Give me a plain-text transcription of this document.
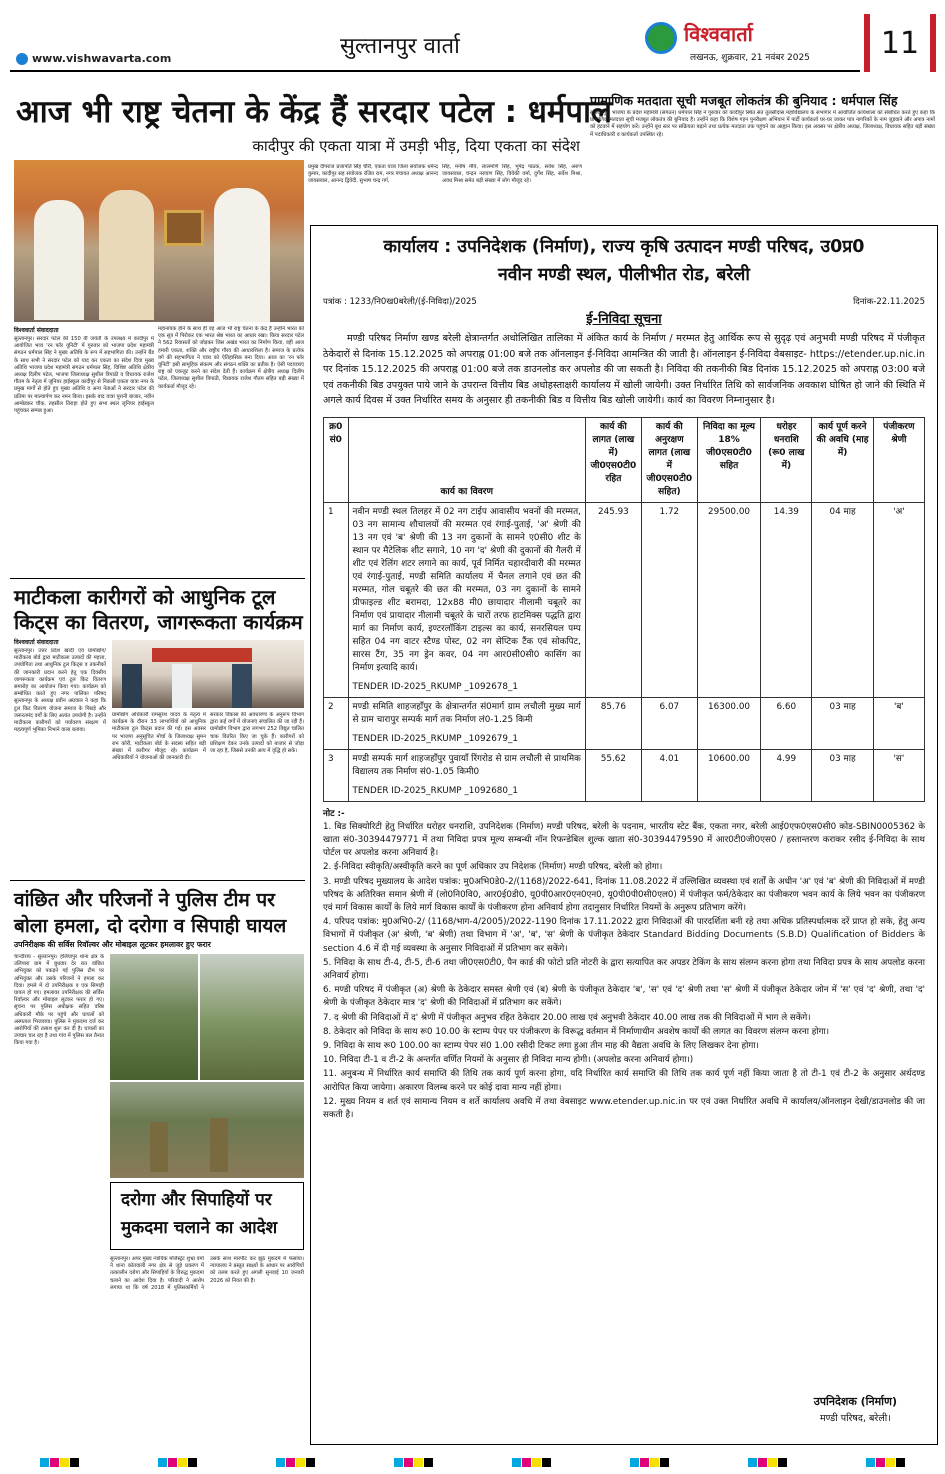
सुल्तानपुर वार्ता
www.vishwavarta.com
विश्ववार्ता
लखनऊ, शुक्रवार, 21 नवंबर 2025 11
आज भी राष्ट्र चेतना के केंद्र हैं सरदार पटेल : धर्मपाल
कादीपुर की एकता यात्रा में उमड़ी भीड़, दिया एकता का संदेश
विश्ववार्ता संवाददाता
सुल्तानपुर। सरदार पटेल की 150 वीं जयंती के उपलक्ष्य में कादीपुर में आयोजित भव्य 'रन फॉर यूनिटी' में गुरुवार को भाजपा प्रदेश महामंत्री संगठन धर्मपाल सिंह ने मुख्य अतिथि के रूप में सहभागिता की। उन्होंने बैंड के साथ सभी ने सरदार पटेल को याद कर एकता का संदेश दिया मुख्य अतिथि भाजपा प्रदेश महामंत्री संगठन धर्मपाल सिंह, विशिष्ट अतिथि क्षेत्रीय अध्यक्ष दिलीप पटेल, भाजपा जिलाध्यक्ष सुशील त्रिपाठी व विधायक राजेश गौतम के नेतृत्व में जूनियर हाईस्कूल कादीपुर से निकली एकता यात्रा नगर के प्रमुख मार्गों से होते हुए मुख्य अतिथि व अन्य नेताओं ने सरदार पटेल की प्रतिमा पर माल्यार्पण कर नमन किया। इसके बाद यात्रा पुरानी बाजार, नवीन आम्बेडकर चौक, तहसील तिराहा होते हुए सभा स्थल जूनियर हाईस्कूल पहुंचकर सम्पन्न हुआ।
महानायक होने के साथ ही वह आज भी राष्ट्र चेतना के केंद्र हैं उन्होंने भारत को एक सूत्र में पिरोकर एक भारत श्रेष्ठ भारत का आधार रखा। किया सरदार पटेल ने 562 रियासतों को जोड़कर जिस अखंड भारत का निर्माण किया, वही आज हमारी एकता, शक्ति और राष्ट्रीय गौरव की आधारशिला है। समाज के प्रत्येक वर्ग की सहभागिता ने यात्रा को ऐतिहासिक बना दिया। आज का 'रन फॉर यूनिटी' इसी सामूहिक संकल्प और संगठन शक्ति का प्रतीक है। ऐसी पदयात्राएं राष्ट्र को एकजुट करने का संदेश देती हैं। कार्यक्रम में क्षेत्रीय अध्यक्ष दिलीप पटेल, जिलाध्यक्ष सुशील त्रिपाठी, विधायक राजेश गौतम सहित बड़ी संख्या में कार्यकर्ता मौजूद रहे।
प्रमुख दीपराज प्रजापति सिंह चौरी, एकता यात्रा जिला संयोजक धर्मेन्द्र कुमार, कादीपुर सह संयोजक रंजित राम, नगर पंचायत अध्यक्ष आनन्द जायसवाल, आनन्द द्विवेदी, सुभाष चन्द्र गर्ग,
सिंह, मनीष मौर्य, लालमणि सिंह, भूपेंद्र पाठक, सर्वेश सिंह, अरुण जायसवाल, चन्द्रन नरायण सिंह, विवेकी वर्मा, दुर्गेश सिंह, सर्वेश मिश्रा, अवध मिश्रा समेत बड़ी संख्या में लोग मौजूद रहे।
प्रामाणिक मतदाता सूची मजबूत लोकतंत्र की बुनियाद : धर्मपाल सिंह
सुल्तानपुर। भाजपा के प्रदेश महामंत्री (संगठन) धर्मपाल सिंह ने गुरुवार को कादीपुर स्थित संत तुलसीदास महाविद्यालय के सभागार में आयोजित कार्यशाला को संबोधित करते हुए कहा कि प्रामाणिक मतदाता सूची मजबूत लोकतंत्र की बुनियाद है। उन्होंने कहा कि विशेष गहन पुनरीक्षण अभियान में पार्टी कार्यकर्ता घर-घर जाकर पात्र नागरिकों के नाम जुड़वाने और अपात्र नामों को हटवाने में सहयोग करें। उन्होंने बूथ स्तर पर सक्रियता बढ़ाने तथा प्रत्येक मतदाता तक पहुंचने का आह्वान किया। इस अवसर पर क्षेत्रीय अध्यक्ष, जिलाध्यक्ष, विधायक सहित बड़ी संख्या में पदाधिकारी व कार्यकर्ता उपस्थित रहे।
माटीकला कारीगरों को आधुनिक टूल
किट्स का वितरण, जागरूकता कार्यक्रम
विश्ववार्ता संवाददाता
सुल्तानपुर। उत्तर प्रदेश खादी एवं ग्रामोद्योग/माटीकला बोर्ड द्वारा माटीकला उत्पादों की महत्ता, उपयोगिता तथा आधुनिक टूल किट्स व तकनीकों की जानकारी प्रदान करने हेतु एक दिवसीय जागरूकता कार्यक्रम एवं टूल किट वितरण समारोह का आयोजन किया गया। कार्यक्रम को सम्बोधित करते हुए नगर पालिका परिषद सुल्तानपुर के अध्यक्ष प्रवीन अग्रवाल ने कहा कि टूल किट वितरण योजना समाज के पिछड़े और जरूरतमंद वर्गों के लिए अत्यंत उपयोगी है। उन्होंने माटीकला कारीगरों को पर्यावरण संरक्षण में महत्वपूर्ण भूमिका निभाने वाला बताया।
ग्रामोद्योग अधिकारी रामसुरेश यादव के नेतृत्व में कार्यक्रम के दौरान 33 लाभार्थियों को आधुनिक माटीकला टूल किट्स प्रदान की गई। इस अवसर पर भाजपा अनुसूचित मोर्चा के जिलाध्यक्ष सुमन राम कोरी, माटीकला बोर्ड के सदस्य सहित बड़ी संख्या में कारीगर मौजूद रहे। कार्यक्रम में अधिकारियों ने योजनाओं की जानकारी दी।
सरकार विकास की अवधारणा के अनुरूप विभाग द्वारा कई वर्गों में योजनाएं संचालित की जा रही हैं। ग्रामोद्योग विभाग द्वारा लगभग 252 विद्युत चालित चाक वितरित किए जा चुके हैं। कारीगरों को प्रशिक्षण देकर उनके उत्पादों को बाजार से जोड़ा जा रहा है, जिससे उनकी आय में वृद्धि हो सके।
वांछित और परिजनों ने पुलिस टीम पर
बोला हमला, दो दरोगा व सिपाही घायल
उपनिरीक्षक की सर्विस रिवॉल्वर और मोबाइल लूटकर हमलावर हुए फरार
चान्दीराय - सुल्तानपुर। हलियापुर थाना क्षेत्र के उलिपारा ग्राम में बुधवार देर रात वांछित अभियुक्त को पकड़ने गई पुलिस टीम पर अभियुक्त और उसके परिजनों ने हमला कर दिया। हमले में दो उपनिरीक्षक व एक सिपाही घायल हो गए। हमलावर उपनिरीक्षक की सर्विस रिवॉल्वर और मोबाइल लूटकर फरार हो गए। सूचना पर पुलिस अधीक्षक सहित वरिष्ठ अधिकारी मौके पर पहुंचे और घायलों को अस्पताल भिजवाया। पुलिस ने मुकदमा दर्ज कर आरोपियों की तलाश शुरू कर दी है। घायलों का उपचार चल रहा है तथा गांव में पुलिस बल तैनात किया गया है।
दरोगा और सिपाहियों पर
मुकदमा चलाने का आदेश
सुल्तानपुर। अपर मुख्य न्यायिक मजिस्ट्रेट शुभ्रा वर्मा ने थाना कोतवाली नगर क्षेत्र से जुड़े प्रकरण में तत्कालीन दरोगा और सिपाहियों के विरुद्ध मुकदमा चलाने का आदेश दिया है। परिवादी ने आरोप लगाया था कि वर्ष 2018 में पुलिसकर्मियों ने उसके साथ मारपीट कर झूठे मुकदमे में फंसाया। न्यायालय ने प्रस्तुत साक्ष्यों के आधार पर आरोपियों को तलब करते हुए अगली सुनवाई 10 जनवरी 2026 को नियत की है।
कार्यालय : उपनिदेशक (निर्माण), राज्य कृषि उत्पादन मण्डी परिषद, उ0प्र0
नवीन मण्डी स्थल, पीलीभीत रोड, बरेली
पत्रांक : 1233/नि0ख0बरेली/(ई-निविदा)/2025	दिनांक-22.11.2025
ई-निविदा सूचना
मण्डी परिषद निर्माण खण्ड बरेली क्षेत्रान्तर्गत अधोलिखित तालिका में अंकित कार्य के निर्माण / मरम्मत हेतु आर्थिक रूप से सुदृढ़ एवं अनुभवी मण्डी परिषद में पंजीकृत ठेकेदारों से दिनांक 15.12.2025 को अपराह्न 01:00 बजे तक ऑनलाइन ई-निविदा आमन्त्रित की जाती है। ऑनलाइन ई-निविदा वेबसाइट- https://etender.up.nic.in पर दिनांक 15.12.2025 की अपराह्न 01:00 बजे तक डाउनलोड कर अपलोड की जा सकती है। निविदा की तकनीकी बिड दिनांक 15.12.2025 को अपराह्न 03:00 बजे एवं तकनीकी बिड उपयुक्त पाये जाने के उपरान्त वित्तीय बिड अधोहस्ताक्षरी कार्यालय में खोली जायेगी। उक्त निर्धारित तिथि को सार्वजनिक अवकाश घोषित हो जाने की स्थिति में अगले कार्य दिवस में उक्त निर्धारित समय के अनुसार ही तकनीकी बिड व वित्तीय बिड खोली जायेगी। कार्य का विवरण निम्नानुसार है।
क्र0 सं0	कार्य का विवरण	कार्य की लागत (लाख में) जी0एस0टी0 रहित	कार्य की अनुरक्षण लागत (लाख में जी0एस0टी0 सहित)	निविदा का मूल्य 18% जी0एस0टी0 सहित	धरोहर धनराशि (रू0 लाख में)	कार्य पूर्ण करने की अवधि (माह में)	पंजीकरण श्रेणी
1	नवीन मण्डी स्थल तिलहर में 02 नग टाईप आवासीय भवनों की मरम्मत, 03 नग सामान्य शौचालयों की मरम्मत एवं रंगाई-पुताई, 'अ' श्रेणी की 13 नग एवं 'ब' श्रेणी की 13 नग दुकानों के सामने ए0सी0 शीट के स्थान पर मैटेलिक शीट सगाने, 10 नग 'द' श्रेणी की दुकानों की गैलरी में शीट एवं रेलिंग शटर लगाने का कार्य, पूर्व निर्मित चहारदीवारी की मरम्मत एवं रंगाई-पुताई, मण्डी समिति कार्यालय में चैनल लगाने एवं छत की मरम्मत, गोल चबूतरे की छत की मरम्मत, 03 नग दुकानों के सामने प्रीफाइल्ड शीट बरामदा, 12x88 मी0 छायादार नीलामी चबूतरे का निर्माण एवं प्रायादार नीलामी चबूतरे के चारों तरफ हाटमिक्स पद्धति द्वारा मार्ग का निर्माण कार्य, इण्टरलॉकिंग टाइल्स का कार्य, सनरसियल पम्प सहित 04 नग वाटर स्टैण्ड पोस्ट, 02 नग सेप्टिक टैंक एवं सोकपिट, सारस टैंग, 35 नग ड्रेन कवर, 04 नग आर0सी0सी0 कासिंग का निर्माण इत्यादि कार्य।
TENDER ID-2025_RKUMP _1092678_1	245.93	1.72	29500.00	14.39	04 माह	'अ'
2	मण्डी समिति शाहजहाँपुर के क्षेत्रान्तर्गत सं0मार्ग ग्राम लचौली मुख्य मार्ग से ग्राम चारापुर सम्पर्क मार्ग तक निर्माण लं0-1.25 किमी
TENDER ID-2025_RKUMP _1092679_1	85.76	6.07	16300.00	6.60	03 माह	'ब'
3	मण्डी सम्पर्क मार्ग शाहजहाँपुर पुवायाँ रिंगरोड से ग्राम लचौली से प्राथमिक विद्यालय तक निर्माण सं0-1.05 किमी0
TENDER ID-2025_RKUMP _1092680_1	55.62	4.01	10600.00	4.99	03 माह	'स'
नोट :-
1. बिड सिक्योरिटी हेतु निर्धारित धरोहर धनराशि, उपनिदेशक (निर्माण) मण्डी परिषद, बरेली के पदनाम, भारतीय स्टेट बैंक, एकता नगर, बरेली आई0एफ0एस0सी0 कोड-SBIN0005362 के खाता सं0-30394479771 में तथा निविदा प्रपत्र मूल्य सम्बन्धी नॉन रिफन्डेबिल शुल्क खाता सं0-30394479590 में आर0टी0जी0एस0 / हस्तान्तरण कराकर रसीद ई-निविदा के साथ पोर्टल पर अपलोड करना अनिवार्य है।
2. ई-निविदा स्वीकृति/अस्वीकृति करने का पूर्ण अधिकार उप निदेशक (निर्माण) मण्डी परिषद, बरेली को होगा।
3. मण्डी परिषद मुख्यालय के आदेश पत्रांक: मु0अभि0डे0-2/(1168)/2022-641, दिनांक 11.08.2022 में उल्लिखित व्यवस्था एवं शर्तों के अधीन 'अ' एवं 'ब' श्रेणी की निविदाओं में मण्डी परिषद के अतिरिक्त समान श्रेणी में (लो0नि0वि0, आर0ई0डी0, यू0पी0आर0एन0एन0, यू0पी0पी0सी0एल0) में पंजीकृत फर्म/ठेकेदार का पंजीकरण भवन कार्य के लिये भवन का पंजीकरण एवं मार्ग विकास कार्यों के लिये मार्ग विकास कार्यों के पंजीकरण होना अनिवार्य होगा तदानुसार निर्धारित नियमों के अनुरूप प्रतिभाग करेंगे।
4. परिपद पत्रांक: मु0अभि0-2/ (1168/भाग-4/2005)/2022-1190 दिनांक 17.11.2022 द्वारा निविदाओं की पारदर्शिता बनी रहे तथा अधिक प्रतिस्पर्धात्मक दरें प्राप्त हो सके, हेतु अन्य विभागों में पंजीकृत (अ' श्रेणी, 'ब' श्रेणी) तथा विभाग में 'अ', 'ब', 'स' श्रेणी के पंजीकृत ठेकेदार Standard Bidding Documents (S.B.D) Qualification of Bidders के section 4.6 में दी गई व्यवस्था के अनुसार निविदाओं में प्रतिभाग कर सकेंगे।
5. निविदा के साथ टी-4, टी-5, टी-6 तथा जी0एस0टी0, पैन कार्ड की फोटो प्रति नोटरी के द्वारा सत्यापित कर अपडर टेकिंग के साथ संलग्न करना होगा तथा निविदा प्रपत्र के साथ अपलोड करना अनिवार्य होगा।
6. मण्डी परिषद में पंजीकृत (अ) श्रेणी के ठेकेदार समस्त श्रेणी एवं (ब) श्रेणी के पंजीकृत ठेकेदार 'ब', 'स' एवं 'द' श्रेणी तथा 'स' श्रेणी में पंजीकृत ठेकेदार जोन में 'स' एवं 'द' श्रेणी, तथा 'द' श्रेणी के पंजीकृत ठेकेदार मात्र 'द' श्रेणी की निविदाओं में प्रतिभाग कर सकेंगे।
7. द श्रेणी की निविदाओं में द' श्रेणी में पंजीकृत अनुभव रहित ठेकेदार 20.00 लाख एवं अनुभवी ठेकेदार 40.00 लाख तक की निविदाओं में भाग ले सकेंगे।
8. ठेकेदार को निविदा के साथ रू0 10.00 के स्टाम्प पेपर पर पंजीकरण के विरूद्ध वर्तमान में निर्माणाधीन अवशेष कार्यों की लागत का विवरण संलग्न करना होगा।
9. निविदा के साथ रू0 100.00 का स्टाम्प पेपर सं0 1.00 रसीदी टिकट लगा हुआ तीन माह की वैद्यता अवधि के लिए लिखकर देना होगा।
10. निविदा टी-1 व टी-2 के अन्तर्गत वर्णित नियमों के अनुसार ही निविदा मान्य होगी। (अपलोड करना अनिवार्य होगा।)
11. अनुबन्ध में निर्धारित कार्य समाप्ति की तिथि तक कार्य पूर्ण करना होगा, यदि निर्धारित कार्य समाप्ति की तिथि तक कार्य पूर्ण नहीं किया जाता है तो टी-1 एवं टी-2 के अनुसार अर्थदण्ड आरोपित किया जायेगा। अकारण विलम्ब करने पर कोई दावा मान्य नहीं होगा।
12. मुख्य नियम व शर्त एवं सामान्य नियम व शर्ते कार्यालय अवधि में तथा वेबसाइट www.etender.up.nic.in पर एवं उक्त निर्धारित अवधि में कार्यालय/ऑनलाइन देखी/डाउनलोड की जा सकती है।
उपनिदेशक (निर्माण)
मण्डी परिषद, बरेली।
